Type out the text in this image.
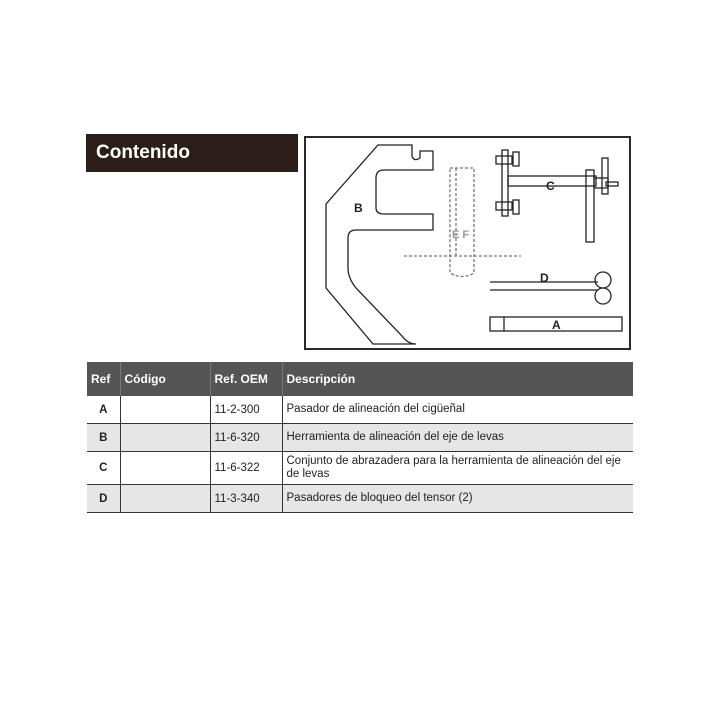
Contenido
B
C
D
A
E F
Ref	Código	Ref. OEM	Descripción
A		11-2-300	Pasador de alineación del cigüeñal
B		11-6-320	Herramienta de alineación del eje de levas
C		11-6-322	Conjunto de abrazadera para la herramienta de alineación del eje de levas
D		11-3-340	Pasadores de bloqueo del tensor (2)
